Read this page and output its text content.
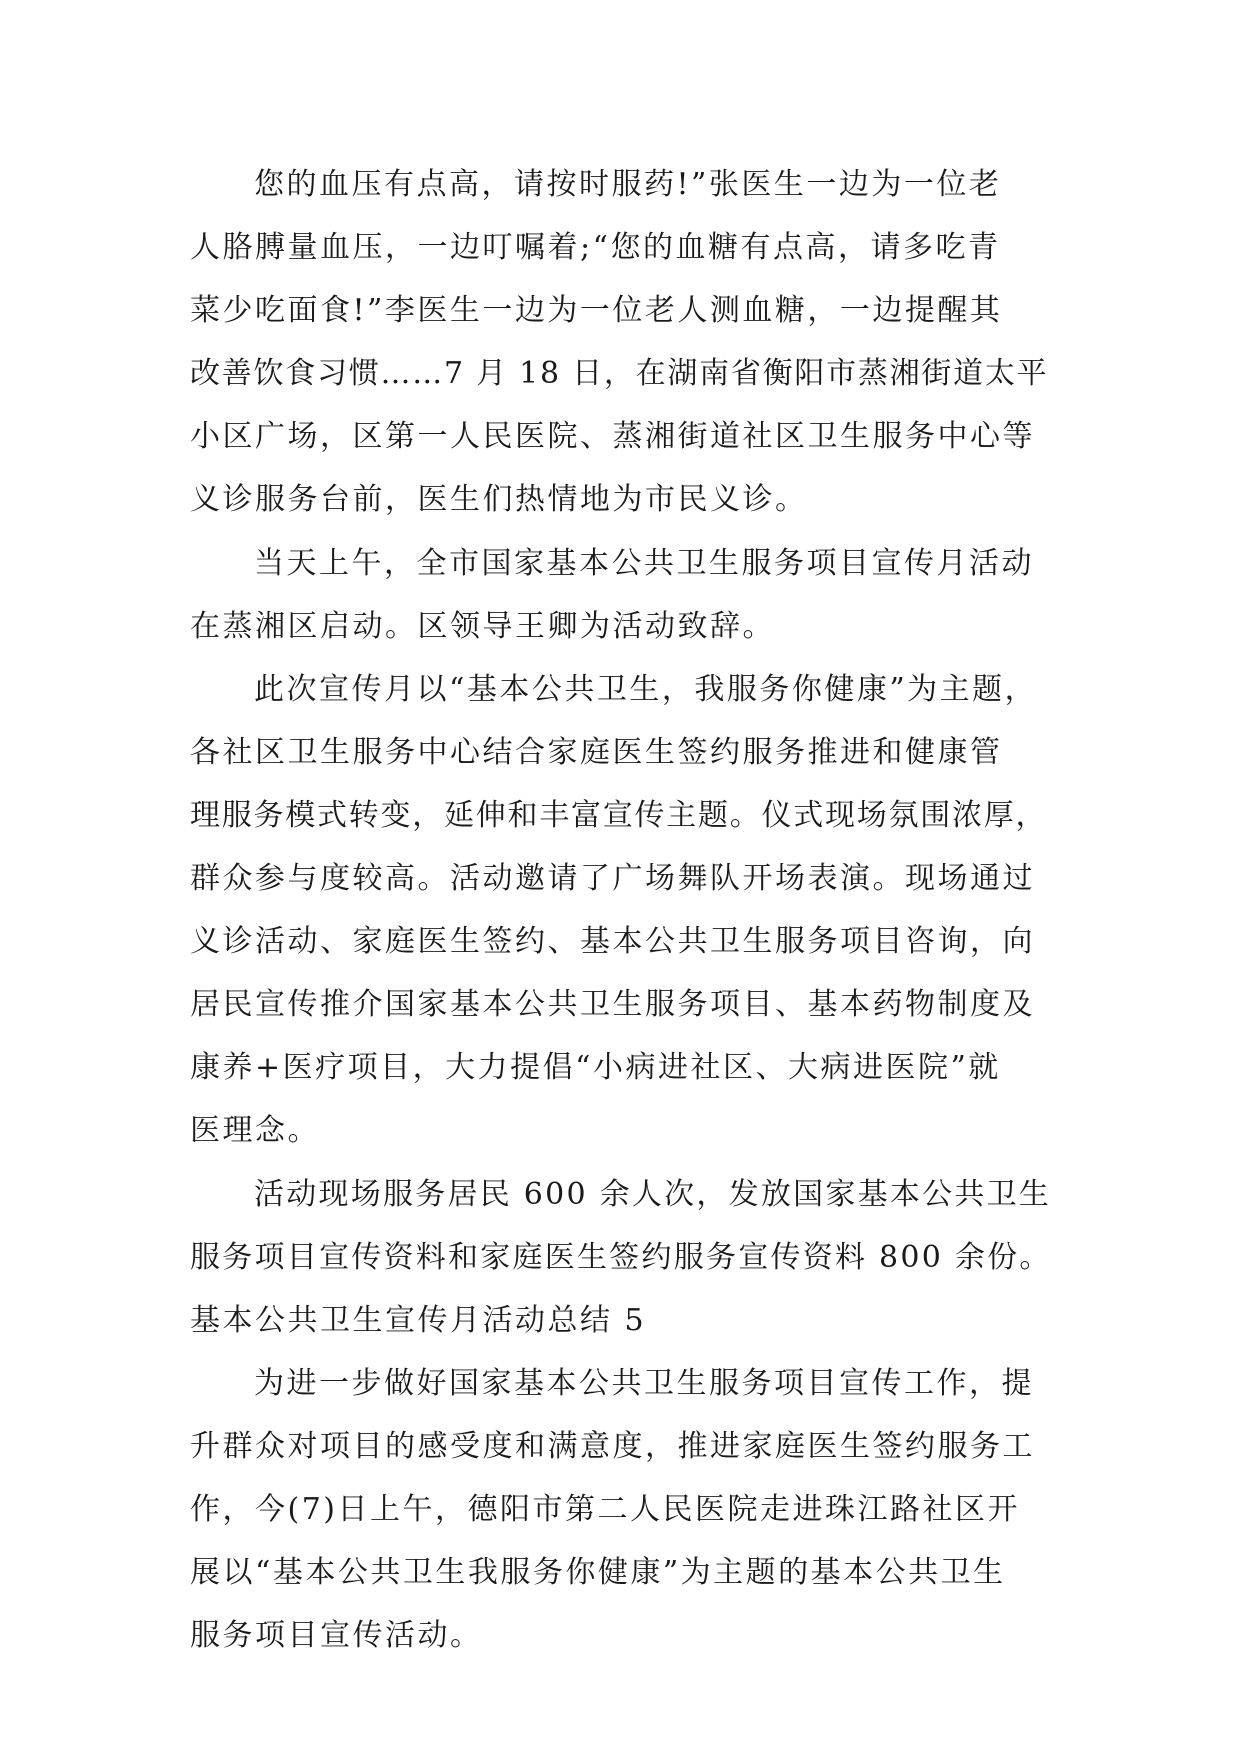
您的血压有点高，请按时服药!”张医生一边为一位老
人胳膊量血压，一边叮嘱着;“您的血糖有点高，请多吃青
菜少吃面食!”李医生一边为一位老人测血糖，一边提醒其
改善饮食习惯……7 月 18 日，在湖南省衡阳市蒸湘街道太平
小区广场，区第一人民医院、蒸湘街道社区卫生服务中心等
义诊服务台前，医生们热情地为市民义诊。
当天上午，全市国家基本公共卫生服务项目宣传月活动
在蒸湘区启动。区领导王卿为活动致辞。
此次宣传月以“基本公共卫生，我服务你健康”为主题，
各社区卫生服务中心结合家庭医生签约服务推进和健康管
理服务模式转变，延伸和丰富宣传主题。仪式现场氛围浓厚，
群众参与度较高。活动邀请了广场舞队开场表演。现场通过
义诊活动、家庭医生签约、基本公共卫生服务项目咨询，向
居民宣传推介国家基本公共卫生服务项目、基本药物制度及
康养+医疗项目，大力提倡“小病进社区、大病进医院”就
医理念。
活动现场服务居民 600 余人次，发放国家基本公共卫生
服务项目宣传资料和家庭医生签约服务宣传资料 800 余份。
基本公共卫生宣传月活动总结 5
为进一步做好国家基本公共卫生服务项目宣传工作，提
升群众对项目的感受度和满意度，推进家庭医生签约服务工
作，今(7)日上午，德阳市第二人民医院走进珠江路社区开
展以“基本公共卫生我服务你健康”为主题的基本公共卫生
服务项目宣传活动。
